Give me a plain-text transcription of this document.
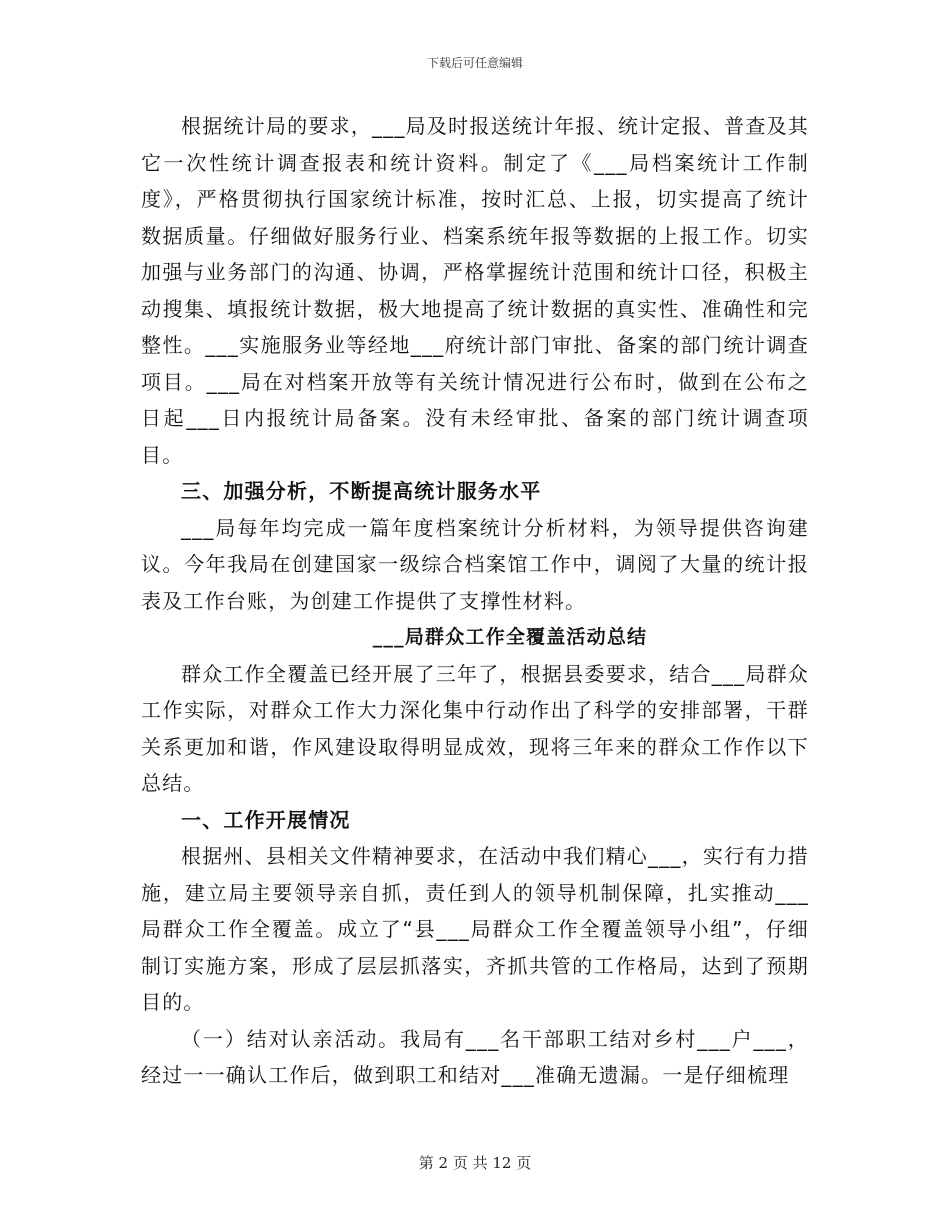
下载后可任意编辑

根据统计局的要求，___局及时报送统计年报、统计定报、普查及其它一次性统计调查报表和统计资料。制定了《___局档案统计工作制度》，严格贯彻执行国家统计标准，按时汇总、上报，切实提高了统计数据质量。仔细做好服务行业、档案系统年报等数据的上报工作。切实加强与业务部门的沟通、协调，严格掌握统计范围和统计口径，积极主动搜集、填报统计数据，极大地提高了统计数据的真实性、准确性和完整性。___实施服务业等经地___府统计部门审批、备案的部门统计调查项目。___局在对档案开放等有关统计情况进行公布时，做到在公布之日起___日内报统计局备案。没有未经审批、备案的部门统计调查项目。

三、加强分析，不断提高统计服务水平

___局每年均完成一篇年度档案统计分析材料，为领导提供咨询建议。今年我局在创建国家一级综合档案馆工作中，调阅了大量的统计报表及工作台账，为创建工作提供了支撑性材料。

___局群众工作全覆盖活动总结

群众工作全覆盖已经开展了三年了，根据县委要求，结合___局群众工作实际，对群众工作大力深化集中行动作出了科学的安排部署，干群关系更加和谐，作风建设取得明显成效，现将三年来的群众工作作以下总结。

一、工作开展情况

根据州、县相关文件精神要求，在活动中我们精心___，实行有力措施，建立局主要领导亲自抓，责任到人的领导机制保障，扎实推动___局群众工作全覆盖。成立了“县___局群众工作全覆盖领导小组”，仔细制订实施方案，形成了层层抓落实，齐抓共管的工作格局，达到了预期目的。

（一）结对认亲活动。我局有___名干部职工结对乡村___户___，经过一一确认工作后，做到职工和结对___准确无遗漏。一是仔细梳理

第 2 页 共 12 页
